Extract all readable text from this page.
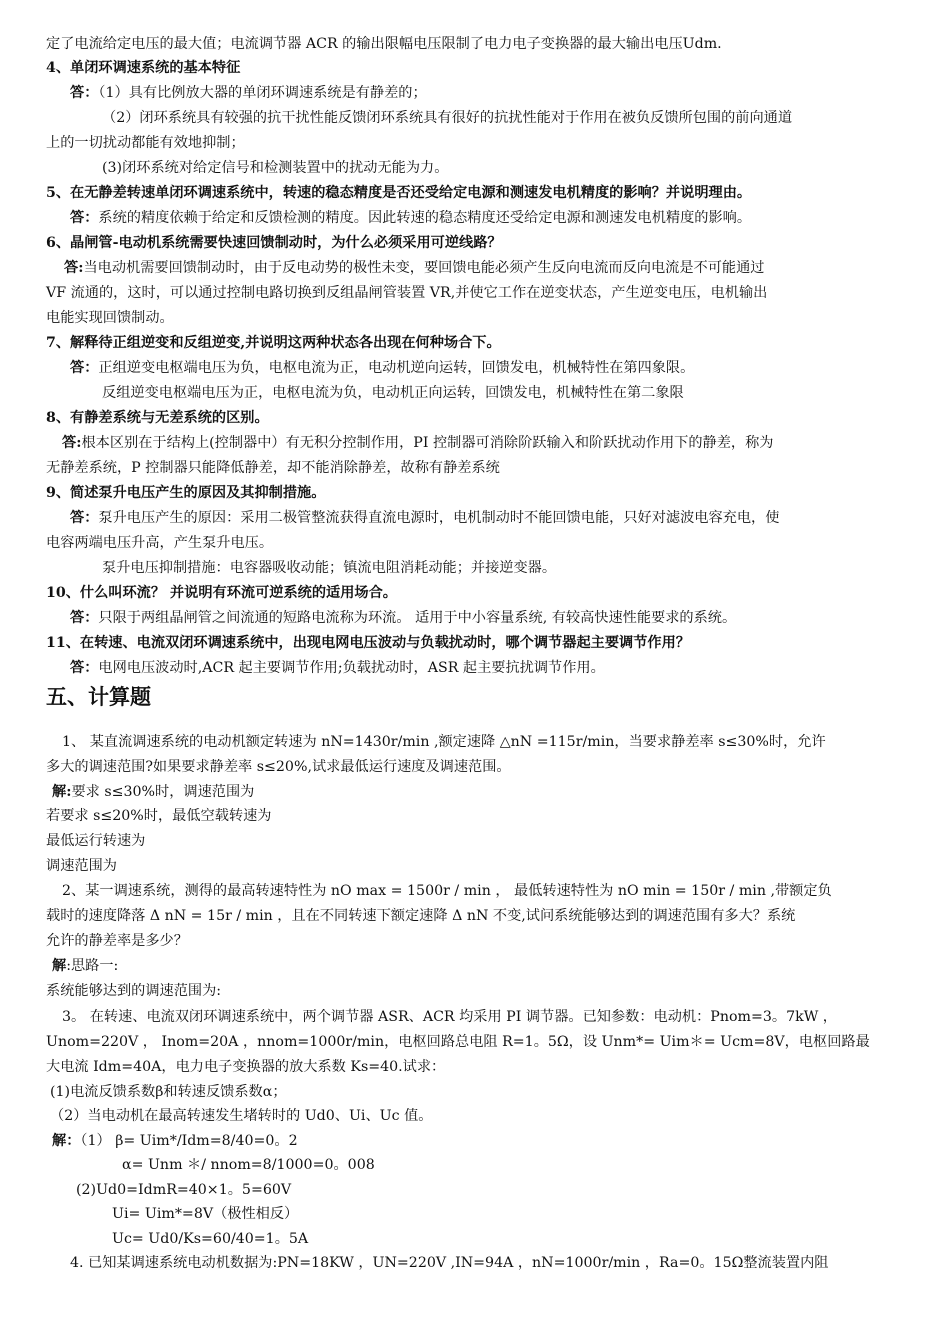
定了电流给定电压的最大值；电流调节器 ACR 的输出限幅电压限制了电力电子变换器的最大输出电压Udm.
4、单闭环调速系统的基本特征
答：（1）具有比例放大器的单闭环调速系统是有静差的；
（2）闭环系统具有较强的抗干扰性能反馈闭环系统具有很好的抗扰性能对于作用在被负反馈所包围的前向通道
上的一切扰动都能有效地抑制；
(3)闭环系统对给定信号和检测装置中的扰动无能为力。
5、在无静差转速单闭环调速系统中，转速的稳态精度是否还受给定电源和测速发电机精度的影响？并说明理由。
答：系统的精度依赖于给定和反馈检测的精度。因此转速的稳态精度还受给定电源和测速发电机精度的影响。
6、晶闸管-电动机系统需要快速回馈制动时，为什么必须采用可逆线路？
答:当电动机需要回馈制动时，由于反电动势的极性未变，要回馈电能必须产生反向电流而反向电流是不可能通过
VF 流通的，这时，可以通过控制电路切换到反组晶闸管装置 VR,并使它工作在逆变状态，产生逆变电压，电机输出
电能实现回馈制动。
7、解释待正组逆变和反组逆变,并说明这两种状态各出现在何种场合下。
答：正组逆变电枢端电压为负，电枢电流为正，电动机逆向运转，回馈发电，机械特性在第四象限。
反组逆变电枢端电压为正，电枢电流为负，电动机正向运转，回馈发电，机械特性在第二象限
8、有静差系统与无差系统的区别。
答:根本区别在于结构上(控制器中）有无积分控制作用，PI 控制器可消除阶跃输入和阶跃扰动作用下的静差，称为
无静差系统，P 控制器只能降低静差，却不能消除静差，故称有静差系统
9、简述泵升电压产生的原因及其抑制措施。
答：泵升电压产生的原因：采用二极管整流获得直流电源时，电机制动时不能回馈电能，只好对滤波电容充电，使
电容两端电压升高，产生泵升电压。
泵升电压抑制措施：电容器吸收动能；镇流电阻消耗动能；并接逆变器。
10、什么叫环流？ 并说明有环流可逆系统的适用场合。
答：只限于两组晶闸管之间流通的短路电流称为环流。 适用于中小容量系统, 有较高快速性能要求的系统。
11、在转速、电流双闭环调速系统中，出现电网电压波动与负载扰动时，哪个调节器起主要调节作用？
答：电网电压波动时,ACR 起主要调节作用;负载扰动时，ASR 起主要抗扰调节作用。
五、计算题
1、 某直流调速系统的电动机额定转速为 nN=1430r/min ,额定速降 △nN =115r/min，当要求静差率 s≤30%时，允许
多大的调速范围?如果要求静差率 s≤20%,试求最低运行速度及调速范围。
解:要求 s≤30%时，调速范围为
若要求 s≤20%时，最低空载转速为
最低运行转速为
调速范围为
2、某一调速系统，测得的最高转速特性为 nO max = 1500r / min ， 最低转速特性为 nO min = 150r / min ,带额定负
载时的速度降落 Δ nN = 15r / min ，且在不同转速下额定速降 Δ nN 不变,试问系统能够达到的调速范围有多大？系统
允许的静差率是多少？
解:思路一:
系统能够达到的调速范围为:
3。 在转速、电流双闭环调速系统中，两个调节器 ASR、ACR 均采用 PI 调节器。已知参数：电动机：Pnom=3。7kW ，
Unom=220V ， Inom=20A ，nnom=1000r/min，电枢回路总电阻 R=1。5Ω，设 Unm*= Uim＊= Ucm=8V，电枢回路最
大电流 Idm=40A，电力电子变换器的放大系数 Ks=40.试求：
(1)电流反馈系数β和转速反馈系数α；
（2）当电动机在最高转速发生堵转时的 Ud0、Ui、Uc 值。
解：（1） β= Uim*/Idm=8/40=0。2
α= Unm ＊/ nnom=8/1000=0。008
(2)Ud0=IdmR=40×1。5=60V
Ui= Uim*=8V（极性相反）
Uc= Ud0/Ks=60/40=1。5A
4. 已知某调速系统电动机数据为:PN=18KW ，UN=220V ,IN=94A ，nN=1000r/min ，Ra=0。15Ω整流装置内阻
